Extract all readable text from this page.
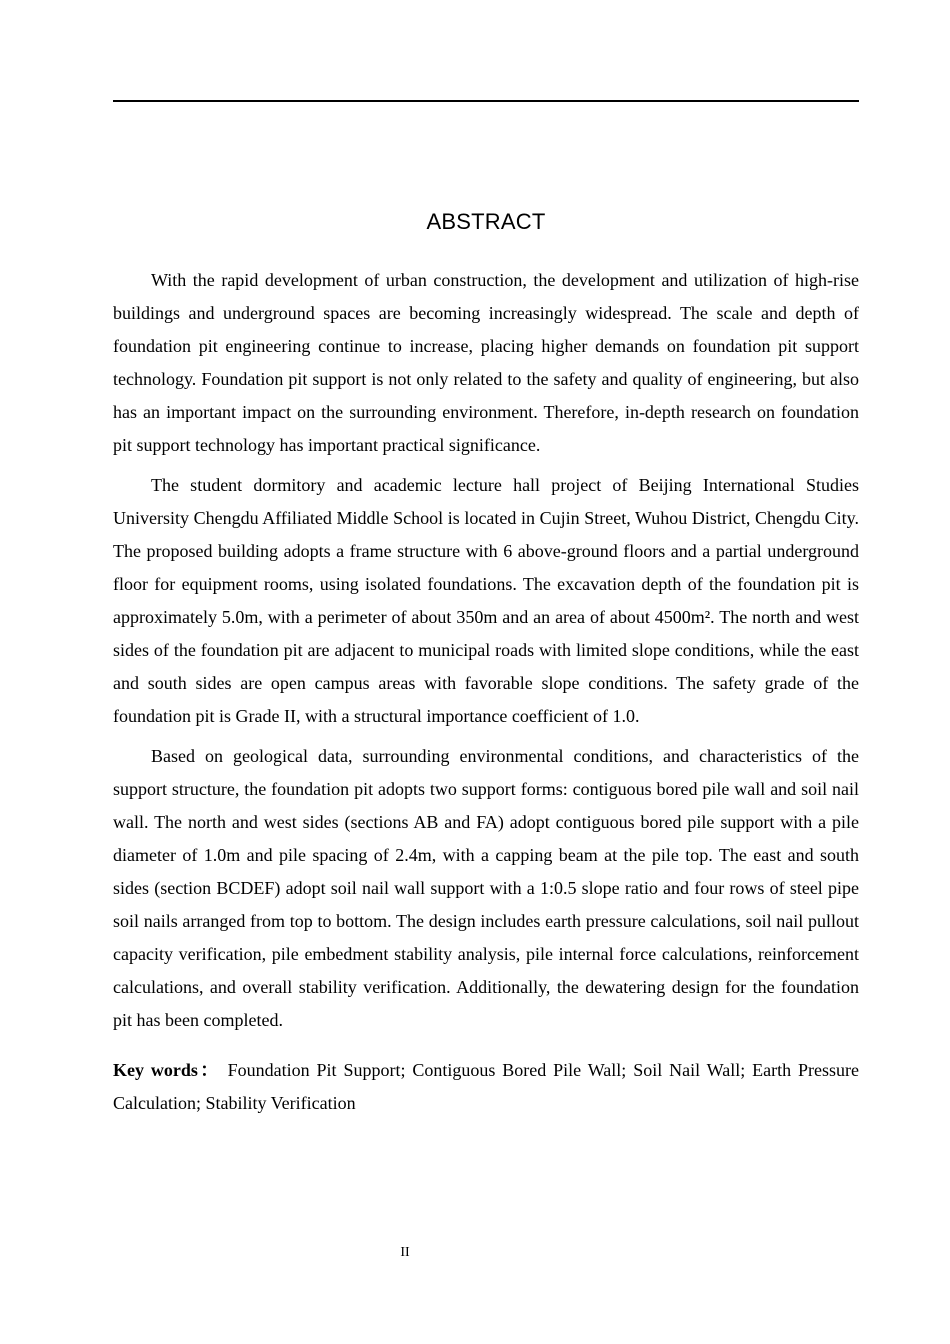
ABSTRACT

With the rapid development of urban construction, the development and utilization of high-rise buildings and underground spaces are becoming increasingly widespread. The scale and depth of foundation pit engineering continue to increase, placing higher demands on foundation pit support technology. Foundation pit support is not only related to the safety and quality of engineering, but also has an important impact on the surrounding environment. Therefore, in-depth research on foundation pit support technology has important practical significance.

The student dormitory and academic lecture hall project of Beijing International Studies University Chengdu Affiliated Middle School is located in Cujin Street, Wuhou District, Chengdu City. The proposed building adopts a frame structure with 6 above-ground floors and a partial underground floor for equipment rooms, using isolated foundations. The excavation depth of the foundation pit is approximately 5.0m, with a perimeter of about 350m and an area of about 4500m². The north and west sides of the foundation pit are adjacent to municipal roads with limited slope conditions, while the east and south sides are open campus areas with favorable slope conditions. The safety grade of the foundation pit is Grade II, with a structural importance coefficient of 1.0.

Based on geological data, surrounding environmental conditions, and characteristics of the support structure, the foundation pit adopts two support forms: contiguous bored pile wall and soil nail wall. The north and west sides (sections AB and FA) adopt contiguous bored pile support with a pile diameter of 1.0m and pile spacing of 2.4m, with a capping beam at the pile top. The east and south sides (section BCDEF) adopt soil nail wall support with a 1:0.5 slope ratio and four rows of steel pipe soil nails arranged from top to bottom. The design includes earth pressure calculations, soil nail pullout capacity verification, pile embedment stability analysis, pile internal force calculations, reinforcement calculations, and overall stability verification. Additionally, the dewatering design for the foundation pit has been completed.

Key words： Foundation Pit Support; Contiguous Bored Pile Wall; Soil Nail Wall; Earth Pressure Calculation; Stability Verification

II
